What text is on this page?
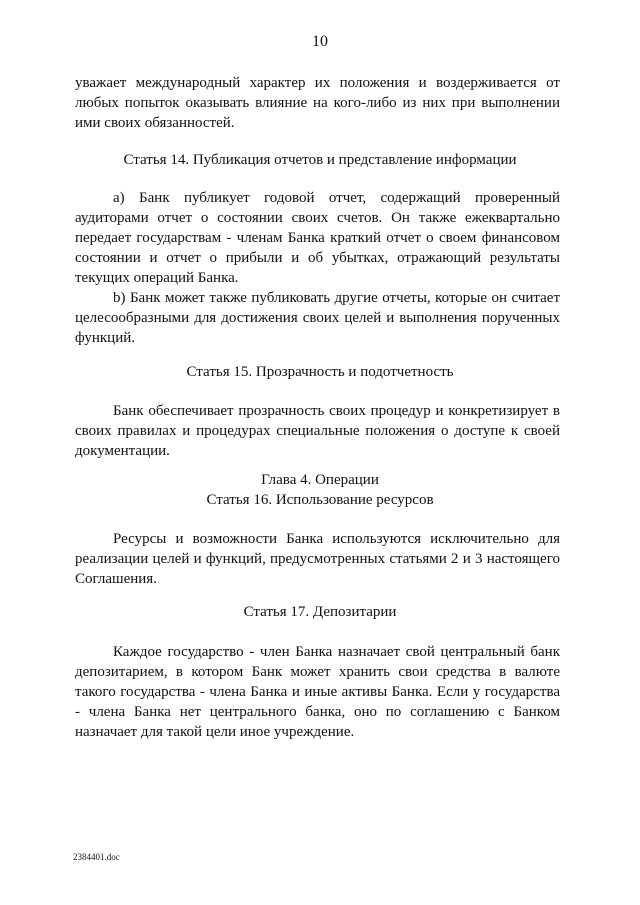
10

уважает международный характер их положения и воздерживается от любых попыток оказывать влияние на кого-либо из них при выполнении ими своих обязанностей.

Статья 14. Публикация отчетов и представление информации

а) Банк публикует годовой отчет, содержащий проверенный аудиторами отчет о состоянии своих счетов. Он также ежеквартально передает государствам - членам Банка краткий отчет о своем финансовом состоянии и отчет о прибыли и об убытках, отражающий результаты текущих операций Банка.

b) Банк может также публиковать другие отчеты, которые он считает целесообразными для достижения своих целей и выполнения порученных функций.

Статья 15. Прозрачность и подотчетность

Банк обеспечивает прозрачность своих процедур и конкретизирует в своих правилах и процедурах специальные положения о доступе к своей документации.

Глава 4. Операции
Статья 16. Использование ресурсов

Ресурсы и возможности Банка используются исключительно для реализации целей и функций, предусмотренных статьями 2 и 3 настоящего Соглашения.

Статья 17. Депозитарии

Каждое государство - член Банка назначает свой центральный банк депозитарием, в котором Банк может хранить свои средства в валюте такого государства - члена Банка и иные активы Банка. Если у государства - члена Банка нет центрального банка, оно по соглашению с Банком назначает для такой цели иное учреждение.

2384401.doc
